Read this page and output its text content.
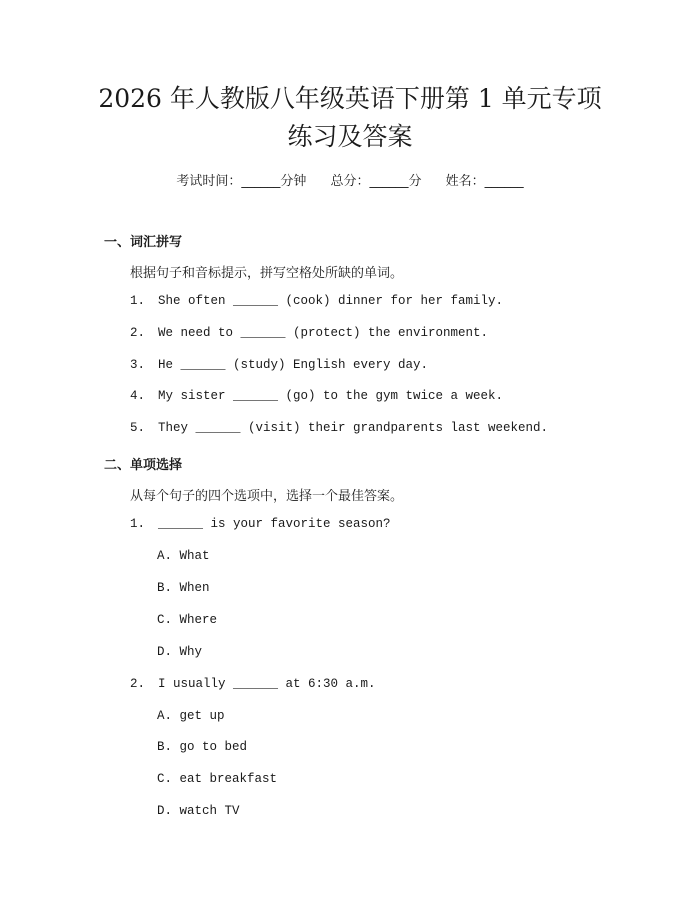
2026 年人教版八年级英语下册第 1 单元专项
练习及答案
考试时间：______分钟 总分：______分 姓名：______
一、词汇拼写
根据句子和音标提示，拼写空格处所缺的单词。
1. She often ______ (cook) dinner for her family.
2. We need to ______ (protect) the environment.
3. He ______ (study) English every day.
4. My sister ______ (go) to the gym twice a week.
5. They ______ (visit) their grandparents last weekend.
二、单项选择
从每个句子的四个选项中，选择一个最佳答案。
1. ______ is your favorite season?
A. What
B. When
C. Where
D. Why
2. I usually ______ at 6:30 a.m.
A. get up
B. go to bed
C. eat breakfast
D. watch TV
